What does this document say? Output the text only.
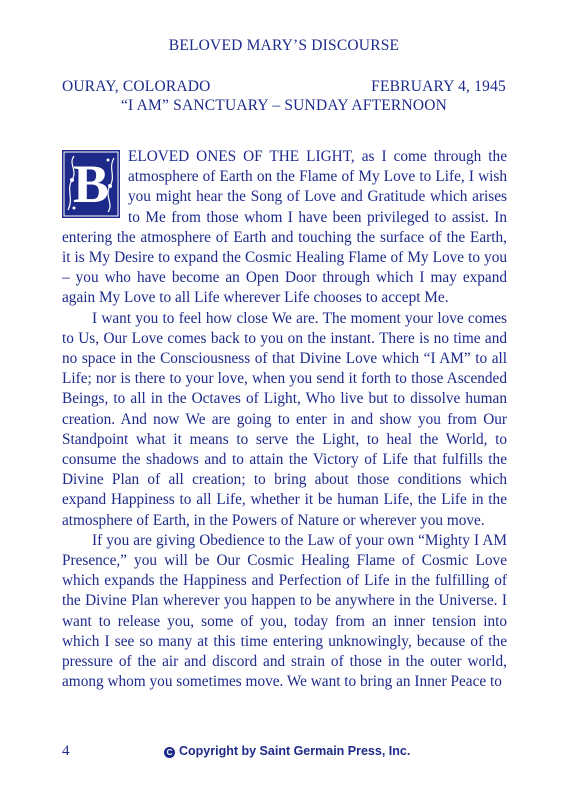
BELOVED MARY’S DISCOURSE
OURAY, COLORADO	FEBRUARY 4, 1945
“I AM” SANCTUARY – SUNDAY AFTERNOON

B	ELOVED ONES OF THE LIGHT, as I come through the atmosphere of Earth on the Flame of My Love to Life, I wish you might hear the Song of Love and Gratitude which arises to Me from those whom I have been privileged to assist. In entering the atmosphere of Earth and touching the surface of the Earth, it is My Desire to expand the Cosmic Healing Flame of My Love to you – you who have become an Open Door through which I may expand again My Love to all Life wherever Life chooses to accept Me.

I want you to feel how close We are. The moment your love comes to Us, Our Love comes back to you on the instant. There is no time and no space in the Consciousness of that Divine Love which “I AM” to all Life; nor is there to your love, when you send it forth to those Ascended Beings, to all in the Octaves of Light, Who live but to dissolve human creation. And now We are going to enter in and show you from Our Standpoint what it means to serve the Light, to heal the World, to consume the shadows and to attain the Victory of Life that fulfills the Divine Plan of all creation; to bring about those conditions which expand Happiness to all Life, whether it be human Life, the Life in the atmosphere of Earth, in the Powers of Nature or wherever you move.

If you are giving Obedience to the Law of your own “Mighty I AM Presence,” you will be Our Cosmic Healing Flame of Cosmic Love which expands the Happiness and Perfection of Life in the fulfilling of the Divine Plan wherever you happen to be anywhere in the Universe. I want to release you, some of you, today from an inner tension into which I see so many at this time entering unknowingly, because of the pressure of the air and discord and strain of those in the outer world, among whom you sometimes move. We want to bring an Inner Peace to

4	C Copyright by Saint Germain Press, Inc.
